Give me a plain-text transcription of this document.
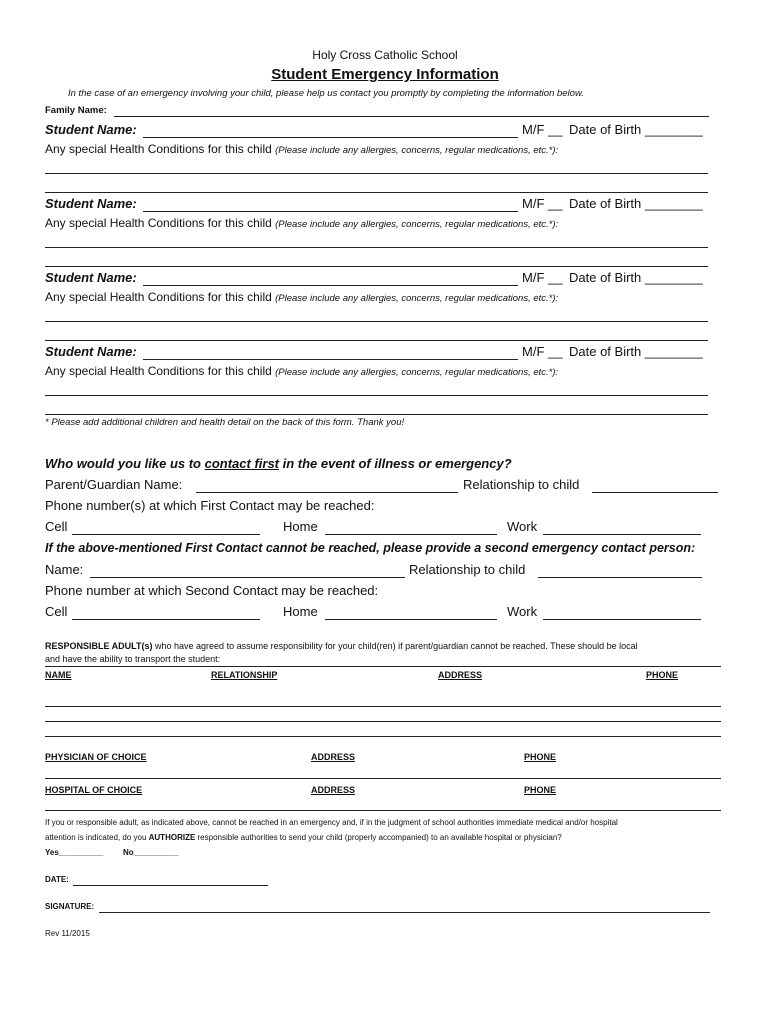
Holy Cross Catholic School
Student Emergency Information
In the case of an emergency involving your child, please help us contact you promptly by completing the information below.
Family Name:
Student Name:	M/F __ Date of Birth ________
Any special Health Conditions for this child (Please include any allergies, concerns, regular medications, etc.*):
Student Name:	M/F __ Date of Birth ________
Any special Health Conditions for this child (Please include any allergies, concerns, regular medications, etc.*):
Student Name:	M/F __ Date of Birth ________
Any special Health Conditions for this child (Please include any allergies, concerns, regular medications, etc.*):
Student Name:	M/F __ Date of Birth ________
Any special Health Conditions for this child (Please include any allergies, concerns, regular medications, etc.*):
* Please add additional children and health detail on the back of this form. Thank you!
Who would you like us to contact first in the event of illness or emergency?
Parent/Guardian Name:	Relationship to child
Phone number(s) at which First Contact may be reached:
Cell	Home	Work
If the above-mentioned First Contact cannot be reached, please provide a second emergency contact person:
Name:	Relationship to child
Phone number at which Second Contact may be reached:
Cell	Home	Work
RESPONSIBLE ADULT(s) who have agreed to assume responsibility for your child(ren) if parent/guardian cannot be reached. These should be local
and have the ability to transport the student:
NAME	RELATIONSHIP	ADDRESS	PHONE
PHYSICIAN OF CHOICE	ADDRESS	PHONE
HOSPITAL OF CHOICE	ADDRESS	PHONE
If you or responsible adult, as indicated above, cannot be reached in an emergency and, if in the judgment of school authorities immediate medical and/or hospital
attention is indicated, do you AUTHORIZE responsible authorities to send your child (properly accompanied) to an available hospital or physician?
Yes__________ No__________
DATE:
SIGNATURE:
Rev 11/2015
